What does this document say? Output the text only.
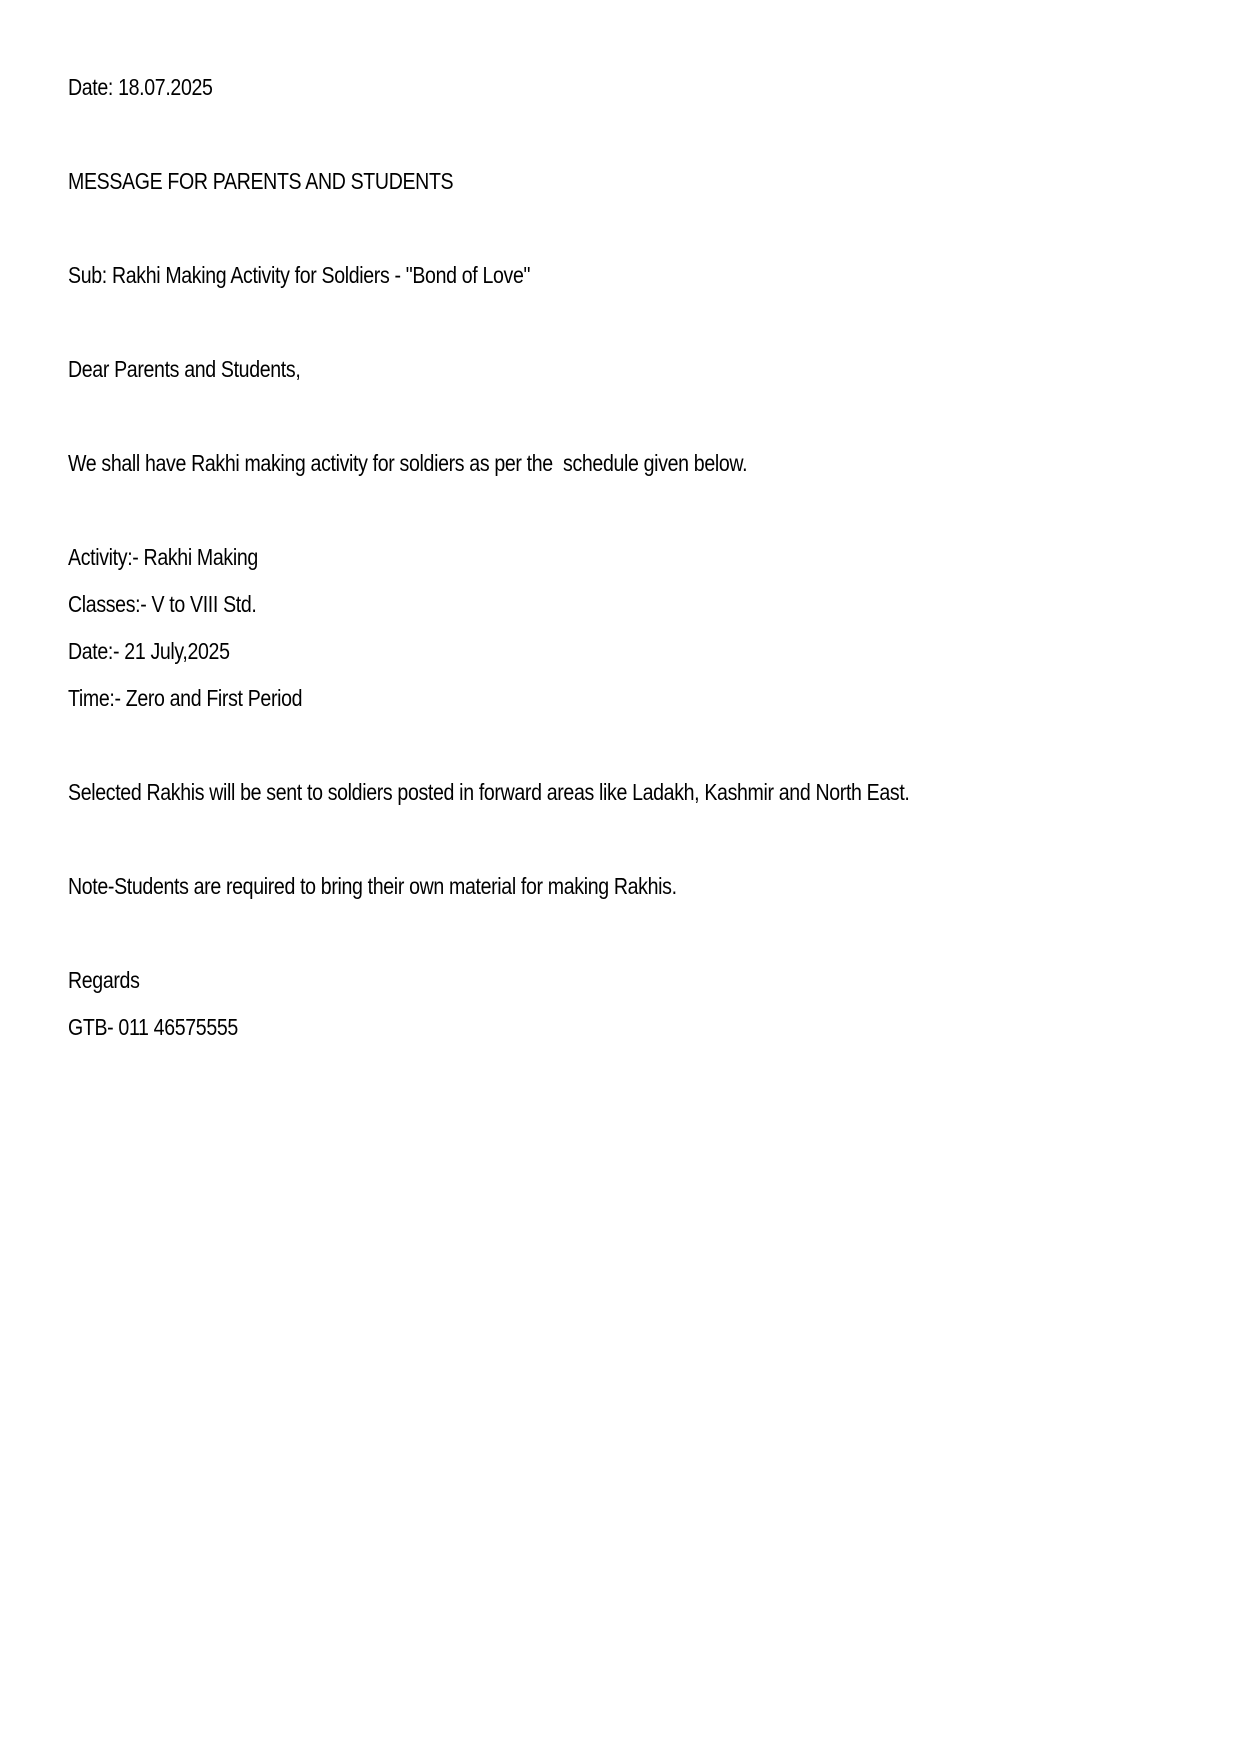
Date: 18.07.2025
MESSAGE FOR PARENTS AND STUDENTS
Sub: Rakhi Making Activity for Soldiers - "Bond of Love"
Dear Parents and Students,
We shall have Rakhi making activity for soldiers as per the  schedule given below.
Activity:- Rakhi Making
Classes:- V to VIII Std.
Date:- 21 July,2025
Time:- Zero and First Period
Selected Rakhis will be sent to soldiers posted in forward areas like Ladakh, Kashmir and North East.
Note-Students are required to bring their own material for making Rakhis.
Regards
GTB- 011 46575555
